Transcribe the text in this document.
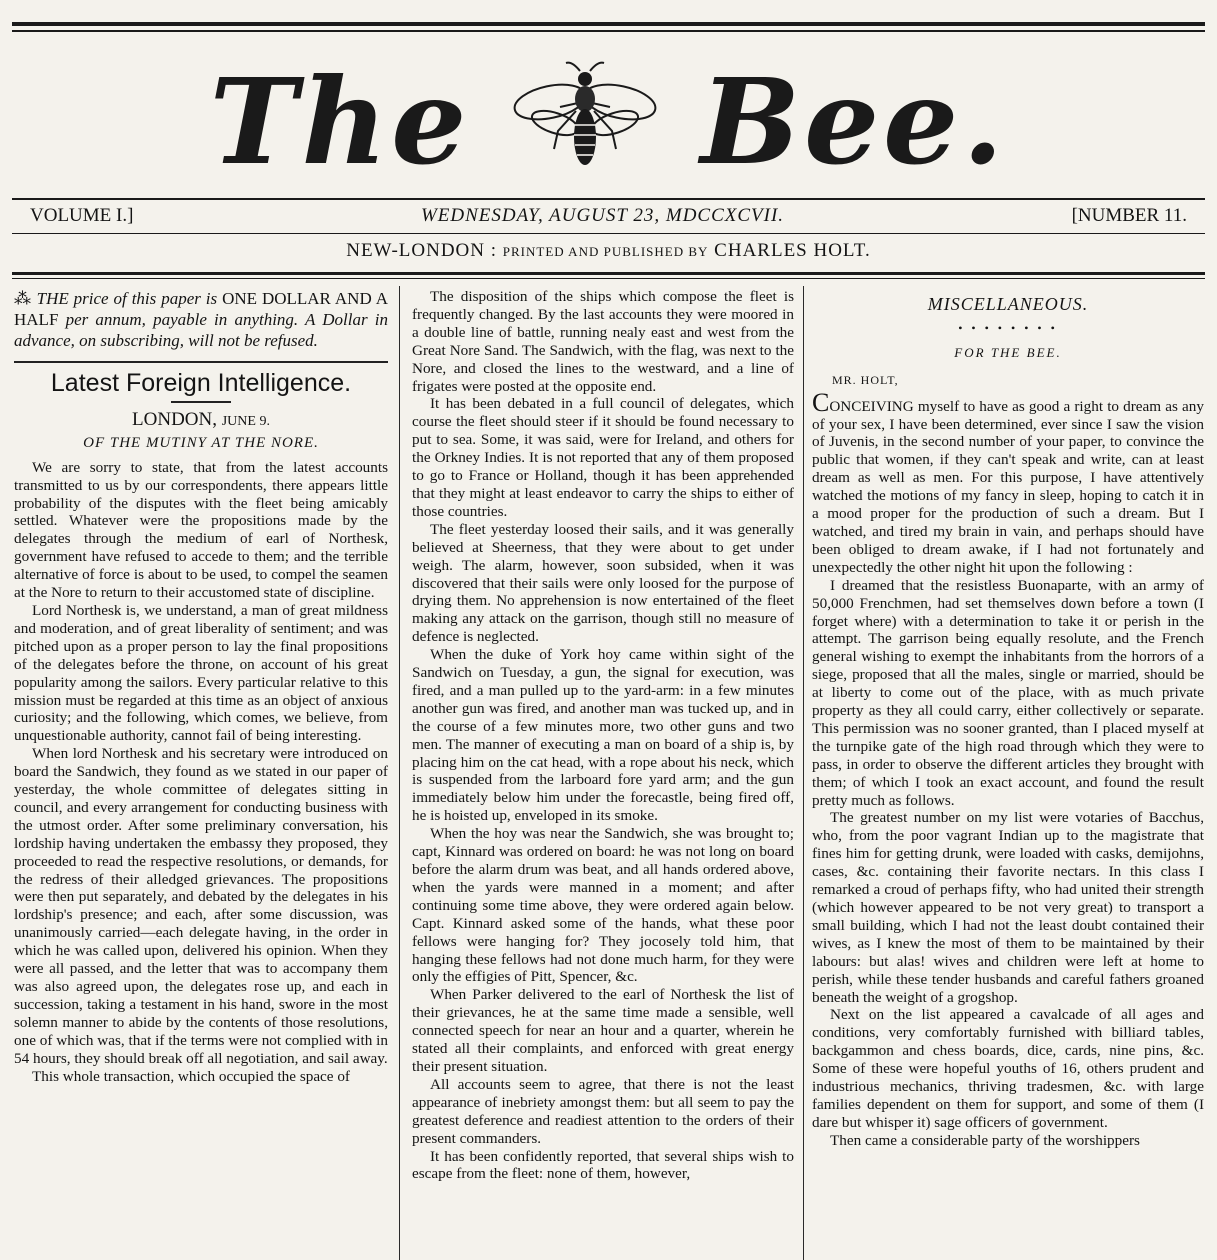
The Bee.
VOLUME I.]	WEDNESDAY, AUGUST 23, MDCCXCVII.	[NUMBER 11.
NEW-LONDON : PRINTED AND PUBLISHED BY CHARLES HOLT.

⁂ THE price of this paper is ONE DOLLAR AND A HALF per annum, payable in anything. A Dollar in advance, on subscribing, will not be refused.

Latest Foreign Intelligence.
LONDON, JUNE 9.
OF THE MUTINY AT THE NORE.

We are sorry to state, that from the latest accounts transmitted to us by our correspondents, there appears little probability of the disputes with the fleet being amicably settled. Whatever were the propositions made by the delegates through the medium of earl of Northesk, government have refused to accede to them; and the terrible alternative of force is about to be used, to compel the seamen at the Nore to return to their accustomed state of discipline.

Lord Northesk is, we understand, a man of great mildness and moderation, and of great liberality of sentiment; and was pitched upon as a proper person to lay the final propositions of the delegates before the throne, on account of his great popularity among the sailors. Every particular relative to this mission must be regarded at this time as an object of anxious curiosity; and the following, which comes, we believe, from unquestionable authority, cannot fail of being interesting.

When lord Northesk and his secretary were introduced on board the Sandwich, they found as we stated in our paper of yesterday, the whole committee of delegates sitting in council, and every arrangement for conducting business with the utmost order. After some preliminary conversation, his lordship having undertaken the embassy they proposed, they proceeded to read the respective resolutions, or demands, for the redress of their alledged grievances. The propositions were then put separately, and debated by the delegates in his lordship's presence; and each, after some discussion, was unanimously carried—each delegate having, in the order in which he was called upon, delivered his opinion. When they were all passed, and the letter that was to accompany them was also agreed upon, the delegates rose up, and each in succession, taking a testament in his hand, swore in the most solemn manner to abide by the contents of those resolutions, one of which was, that if the terms were not complied with in 54 hours, they should break off all negotiation, and sail away.

This whole transaction, which occupied the space of

The disposition of the ships which compose the fleet is frequently changed. By the last accounts they were moored in a double line of battle, running nealy east and west from the Great Nore Sand. The Sandwich, with the flag, was next to the Nore, and closed the lines to the westward, and a line of frigates were posted at the opposite end.

It has been debated in a full council of delegates, which course the fleet should steer if it should be found necessary to put to sea. Some, it was said, were for Ireland, and others for the Orkney Indies. It is not reported that any of them proposed to go to France or Holland, though it has been apprehended that they might at least endeavor to carry the ships to either of those countries.

The fleet yesterday loosed their sails, and it was generally believed at Sheerness, that they were about to get under weigh. The alarm, however, soon subsided, when it was discovered that their sails were only loosed for the purpose of drying them. No apprehension is now entertained of the fleet making any attack on the garrison, though still no measure of defence is neglected.

When the duke of York hoy came within sight of the Sandwich on Tuesday, a gun, the signal for execution, was fired, and a man pulled up to the yard-arm: in a few minutes another gun was fired, and another man was tucked up, and in the course of a few minutes more, two other guns and two men. The manner of executing a man on board of a ship is, by placing him on the cat head, with a rope about his neck, which is suspended from the larboard fore yard arm; and the gun immediately below him under the forecastle, being fired off, he is hoisted up, enveloped in its smoke.

When the hoy was near the Sandwich, she was brought to; capt, Kinnard was ordered on board: he was not long on board before the alarm drum was beat, and all hands ordered above, when the yards were manned in a moment; and after continuing some time above, they were ordered again below. Capt. Kinnard asked some of the hands, what these poor fellows were hanging for? They jocosely told him, that hanging these fellows had not done much harm, for they were only the effigies of Pitt, Spencer, &c.

When Parker delivered to the earl of Northesk the list of their grievances, he at the same time made a sensible, well connected speech for near an hour and a quarter, wherein he stated all their complaints, and enforced with great energy their present situation.

All accounts seem to agree, that there is not the least appearance of inebriety amongst them: but all seem to pay the greatest deference and readiest attention to the orders of their present commanders.

It has been confidently reported, that several ships wish to escape from the fleet: none of them, however,

MISCELLANEOUS.
• • • • • • • •
FOR THE BEE.
MR. HOLT,

CONCEIVING myself to have as good a right to dream as any of your sex, I have been determined, ever since I saw the vision of Juvenis, in the second number of your paper, to convince the public that women, if they can't speak and write, can at least dream as well as men. For this purpose, I have attentively watched the motions of my fancy in sleep, hoping to catch it in a mood proper for the production of such a dream. But I watched, and tired my brain in vain, and perhaps should have been obliged to dream awake, if I had not fortunately and unexpectedly the other night hit upon the following :

I dreamed that the resistless Buonaparte, with an army of 50,000 Frenchmen, had set themselves down before a town (I forget where) with a determination to take it or perish in the attempt. The garrison being equally resolute, and the French general wishing to exempt the inhabitants from the horrors of a siege, proposed that all the males, single or married, should be at liberty to come out of the place, with as much private property as they all could carry, either collectively or separate. This permission was no sooner granted, than I placed myself at the turnpike gate of the high road through which they were to pass, in order to observe the different articles they brought with them; of which I took an exact account, and found the result pretty much as follows.

The greatest number on my list were votaries of Bacchus, who, from the poor vagrant Indian up to the magistrate that fines him for getting drunk, were loaded with casks, demijohns, cases, &c. containing their favorite nectars. In this class I remarked a croud of perhaps fifty, who had united their strength (which however appeared to be not very great) to transport a small building, which I had not the least doubt contained their wives, as I knew the most of them to be maintained by their labours: but alas! wives and children were left at home to perish, while these tender husbands and careful fathers groaned beneath the weight of a grogshop.

Next on the list appeared a cavalcade of all ages and conditions, very comfortably furnished with billiard tables, backgammon and chess boards, dice, cards, nine pins, &c. Some of these were hopeful youths of 16, others prudent and industrious mechanics, thriving tradesmen, &c. with large families dependent on them for support, and some of them (I dare but whisper it) sage officers of government.

Then came a considerable party of the worshippers
